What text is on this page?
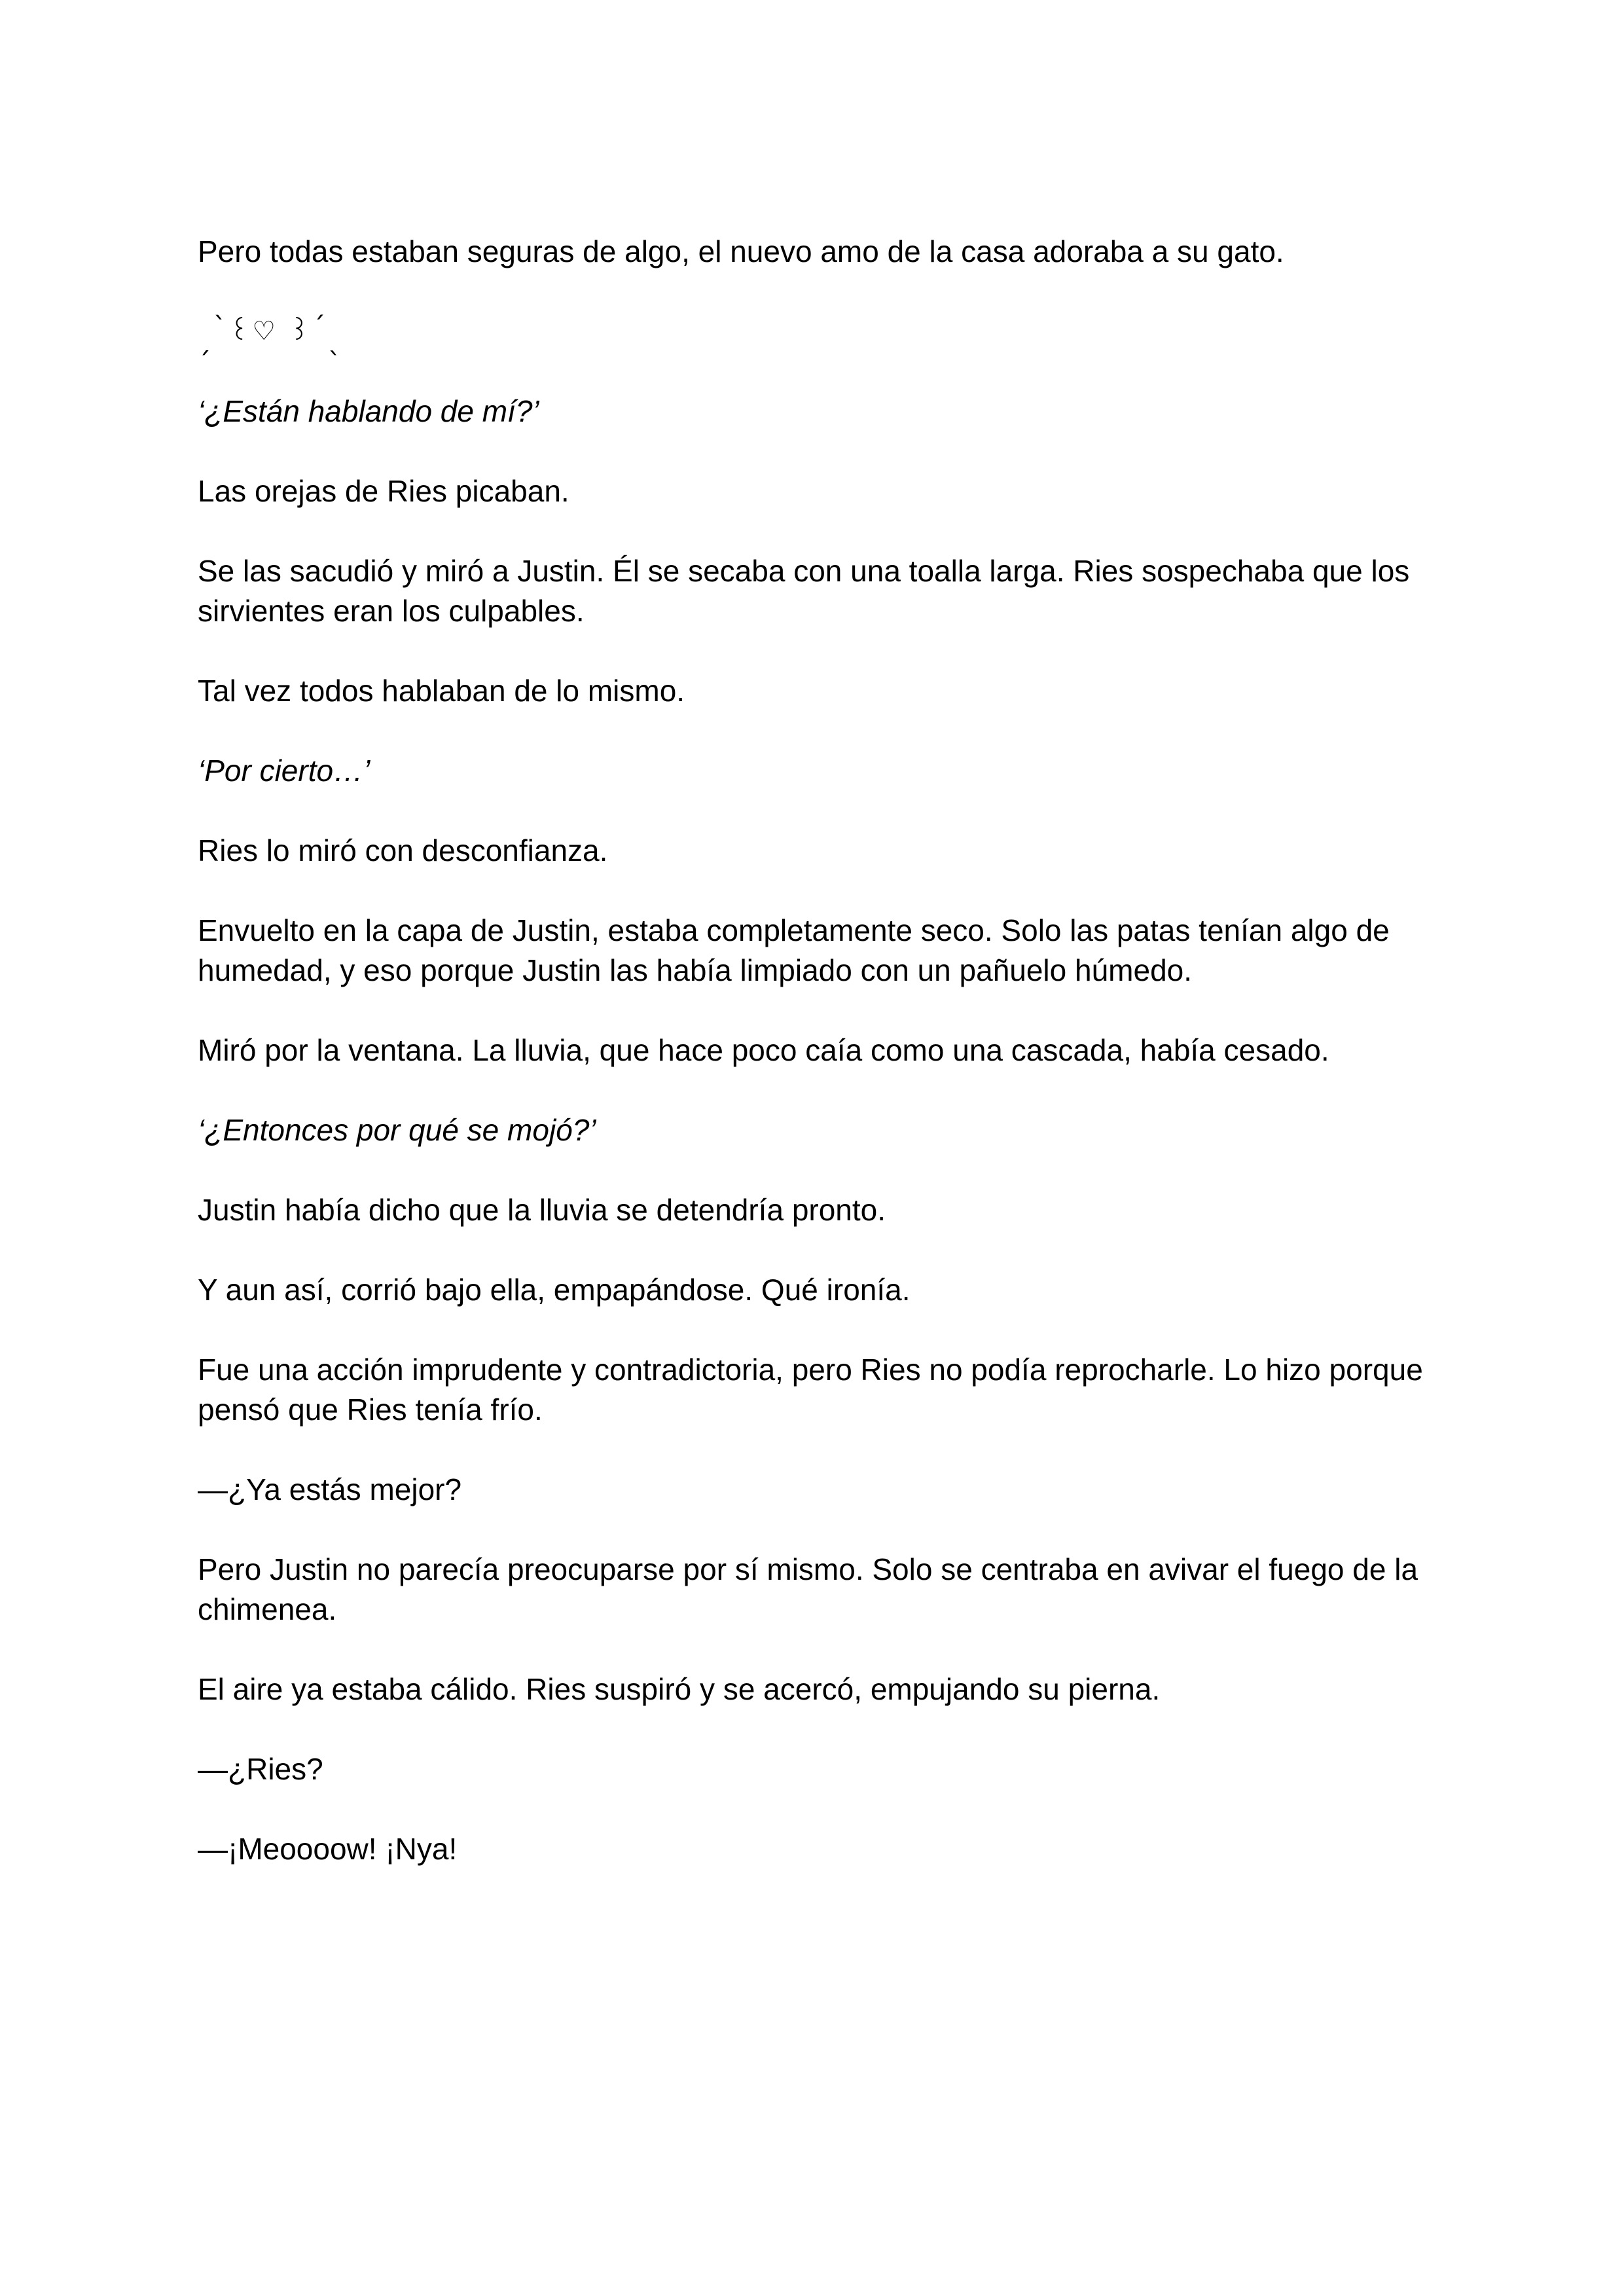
Pero todas estaban seguras de algo, el nuevo amo de la casa adoraba a su gato.

ˏˋ꒰♡ ꒱ˊˎ

‘¿Están hablando de mí?’

Las orejas de Ries picaban.

Se las sacudió y miró a Justin. Él se secaba con una toalla larga. Ries sospechaba que los sirvientes eran los culpables.

Tal vez todos hablaban de lo mismo.

‘Por cierto…’

Ries lo miró con desconfianza.

Envuelto en la capa de Justin, estaba completamente seco. Solo las patas tenían algo de humedad, y eso porque Justin las había limpiado con un pañuelo húmedo.

Miró por la ventana. La lluvia, que hace poco caía como una cascada, había cesado.

‘¿Entonces por qué se mojó?’

Justin había dicho que la lluvia se detendría pronto.

Y aun así, corrió bajo ella, empapándose. Qué ironía.

Fue una acción imprudente y contradictoria, pero Ries no podía reprocharle. Lo hizo porque pensó que Ries tenía frío.

—¿Ya estás mejor?

Pero Justin no parecía preocuparse por sí mismo. Solo se centraba en avivar el fuego de la chimenea.

El aire ya estaba cálido. Ries suspiró y se acercó, empujando su pierna.

—¿Ries?

—¡Meoooow! ¡Nya!
